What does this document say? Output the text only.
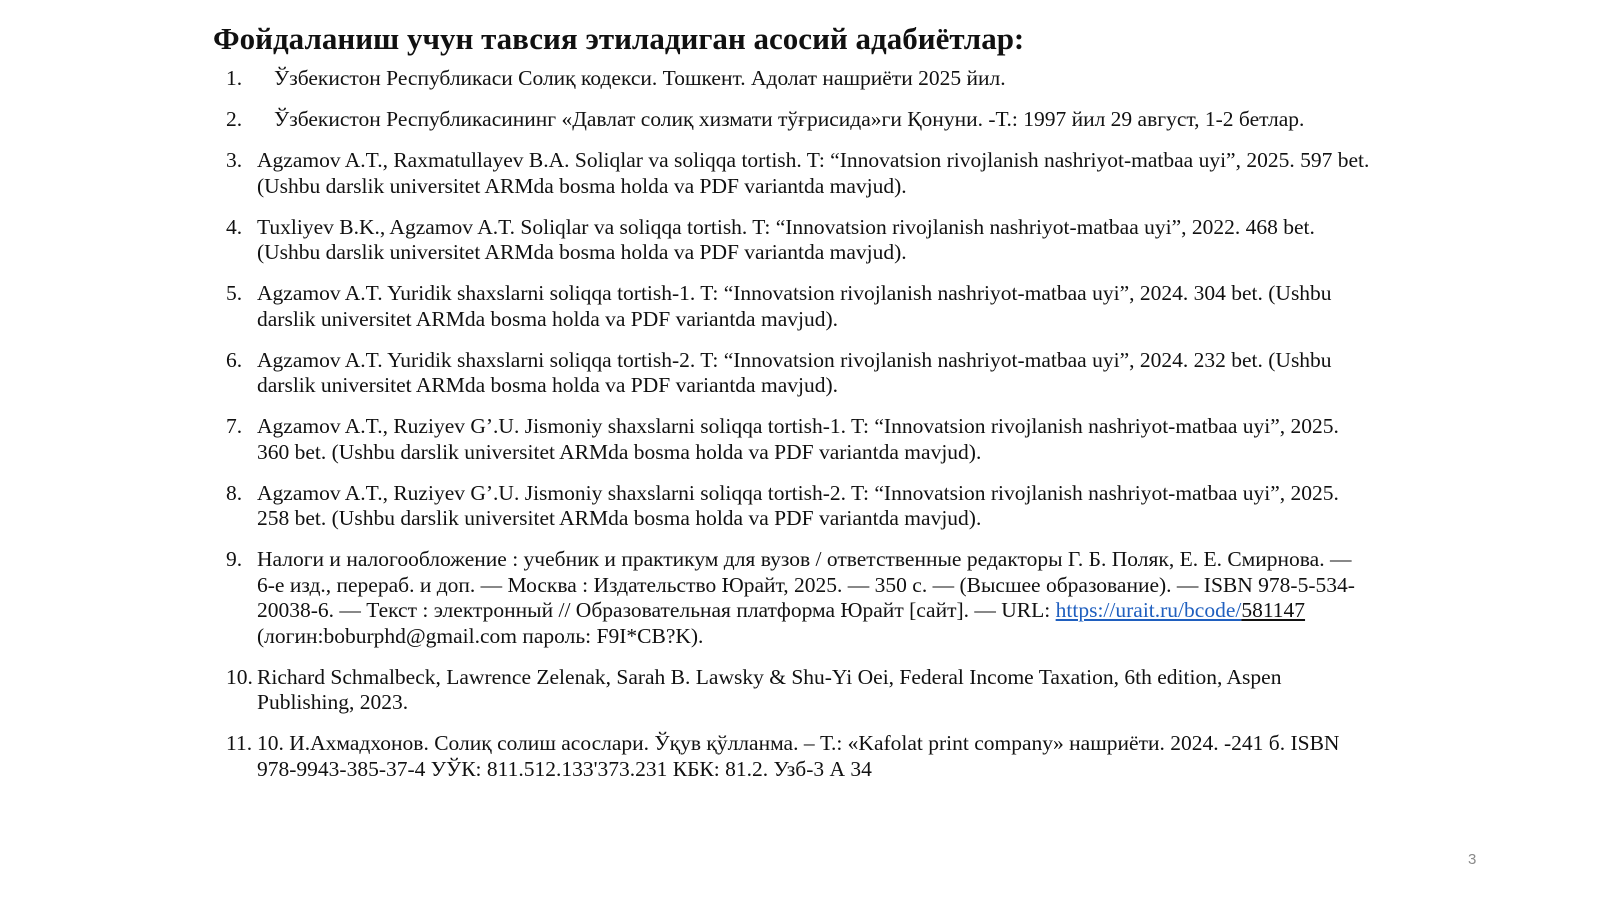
Фойдаланиш учун тавсия этиладиган асосий адабиётлар:
1.	Ўзбекистон Республикаси Солиқ кодекси. Тошкент. Адолат нашриёти 2025 йил.
2.	Ўзбекистон Республикасининг «Давлат солиқ хизмати тўғрисида»ги Қонуни. -Т.: 1997 йил 29 август, 1-2 бетлар.
3. Agzamov A.T., Raxmatullayev B.A. Soliqlar va soliqqa tortish. T: “Innovatsion rivojlanish nashriyot-matbaa uyi”, 2025. 597 bet. (Ushbu darslik universitet ARMda bosma holda va PDF variantda mavjud).
4. Tuxliyev B.K., Agzamov A.T. Soliqlar va soliqqa tortish. T: “Innovatsion rivojlanish nashriyot-matbaa uyi”, 2022. 468 bet. (Ushbu darslik universitet ARMda bosma holda va PDF variantda mavjud).
5. Agzamov A.T. Yuridik shaxslarni soliqqa tortish-1. T: “Innovatsion rivojlanish nashriyot-matbaa uyi”, 2024. 304 bet. (Ushbu darslik universitet ARMda bosma holda va PDF variantda mavjud).
6. Agzamov A.T. Yuridik shaxslarni soliqqa tortish-2. T: “Innovatsion rivojlanish nashriyot-matbaa uyi”, 2024. 232 bet. (Ushbu darslik universitet ARMda bosma holda va PDF variantda mavjud).
7. Agzamov A.T., Ruziyev G’.U. Jismoniy shaxslarni soliqqa tortish-1. T: “Innovatsion rivojlanish nashriyot-matbaa uyi”, 2025. 360 bet. (Ushbu darslik universitet ARMda bosma holda va PDF variantda mavjud).
8. Agzamov A.T., Ruziyev G’.U. Jismoniy shaxslarni soliqqa tortish-2. T: “Innovatsion rivojlanish nashriyot-matbaa uyi”, 2025. 258 bet. (Ushbu darslik universitet ARMda bosma holda va PDF variantda mavjud).
9. Налоги и налогообложение : учебник и практикум для вузов / ответственные редакторы Г. Б. Поляк, Е. Е. Смирнова. — 6-е изд., перераб. и доп. — Москва : Издательство Юрайт, 2025. — 350 с. — (Высшее образование). — ISBN 978-5-534-20038-6. — Текст : электронный // Образовательная платформа Юрайт [сайт]. — URL: https://urait.ru/bcode/581147 (логин:boburphd@gmail.com пароль: F9I*CB?K).
10. Richard Schmalbeck, Lawrence Zelenak, Sarah B. Lawsky & Shu-Yi Oei, Federal Income Taxation, 6th edition, Aspen Publishing, 2023.
11. 10. И.Ахмадхонов. Солиқ солиш асослари. Ўқув қўлланма. – Т.: «Kafolat print company» нашриёти. 2024. -241 б. ISBN 978-9943-385-37-4 УЎК: 811.512.133'373.231 КБК: 81.2. Узб-3 А 34
3
